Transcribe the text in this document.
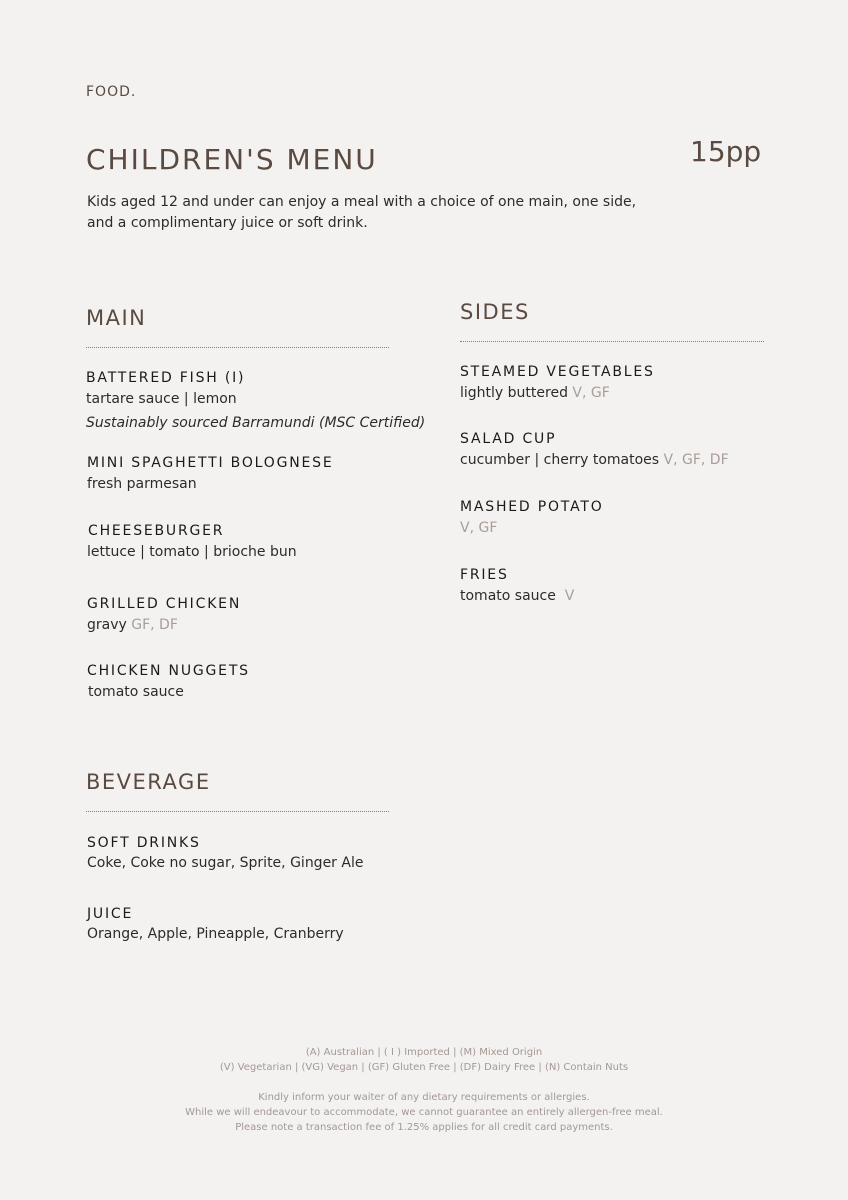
FOOD.
CHILDREN'S MENU	15pp
Kids aged 12 and under can enjoy a meal with a choice of one main, one side,
and a complimentary juice or soft drink.
MAIN
BATTERED FISH (I)
tartare sauce | lemon
Sustainably sourced Barramundi (MSC Certified)
MINI SPAGHETTI BOLOGNESE
fresh parmesan
CHEESEBURGER
lettuce | tomato | brioche bun
GRILLED CHICKEN
gravy GF, DF
CHICKEN NUGGETS
tomato sauce
SIDES
STEAMED VEGETABLES
lightly buttered V, GF
SALAD CUP
cucumber | cherry tomatoes V, GF, DF
MASHED POTATO
V, GF
FRIES
tomato sauce V
BEVERAGE
SOFT DRINKS
Coke, Coke no sugar, Sprite, Ginger Ale
JUICE
Orange, Apple, Pineapple, Cranberry
(A) Australian | ( I ) Imported | (M) Mixed Origin
(V) Vegetarian | (VG) Vegan | (GF) Gluten Free | (DF) Dairy Free | (N) Contain Nuts
Kindly inform your waiter of any dietary requirements or allergies.
While we will endeavour to accommodate, we cannot guarantee an entirely allergen-free meal.
Please note a transaction fee of 1.25% applies for all credit card payments.
